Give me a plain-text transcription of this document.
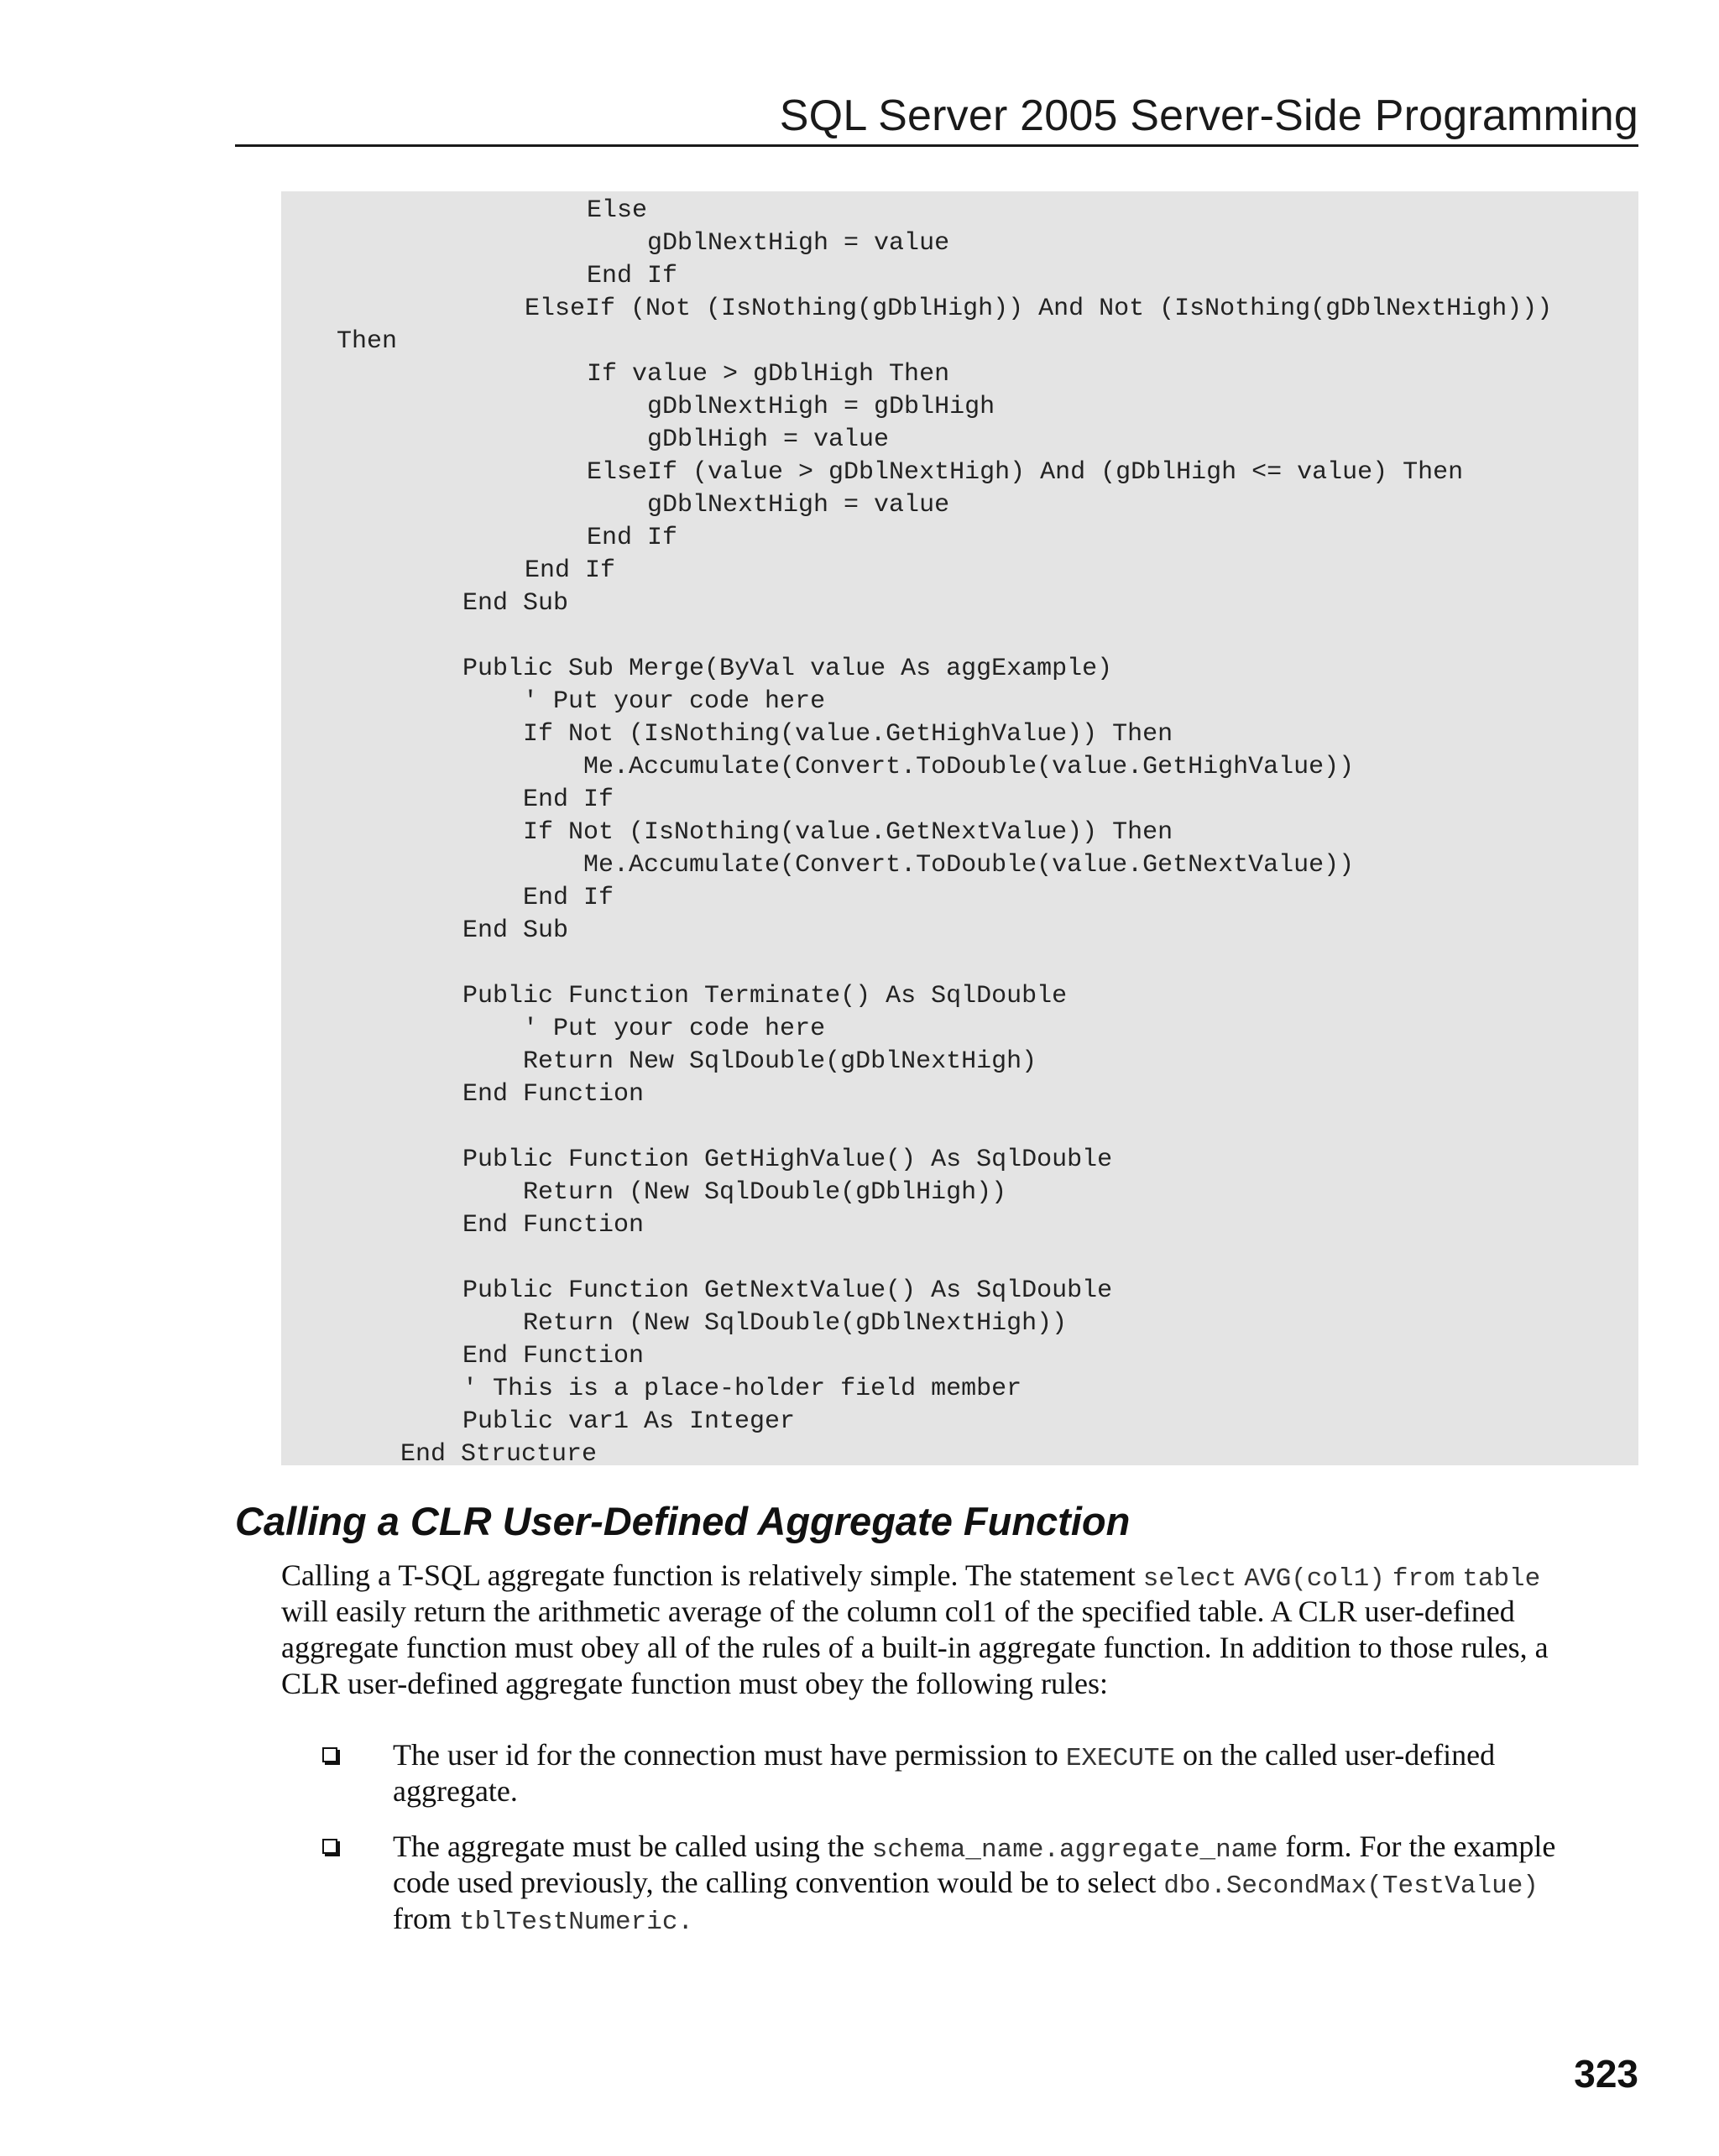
SQL Server 2005 Server-Side Programming
Else
gDblNextHigh = value
End If
ElseIf (Not (IsNothing(gDblHigh)) And Not (IsNothing(gDblNextHigh)))
Then
If value > gDblHigh Then
gDblNextHigh = gDblHigh
gDblHigh = value
ElseIf (value > gDblNextHigh) And (gDblHigh <= value) Then
gDblNextHigh = value
End If
End If
End Sub
Public Sub Merge(ByVal value As aggExample)
' Put your code here
If Not (IsNothing(value.GetHighValue)) Then
Me.Accumulate(Convert.ToDouble(value.GetHighValue))
End If
If Not (IsNothing(value.GetNextValue)) Then
Me.Accumulate(Convert.ToDouble(value.GetNextValue))
End If
End Sub
Public Function Terminate() As SqlDouble
' Put your code here
Return New SqlDouble(gDblNextHigh)
End Function
Public Function GetHighValue() As SqlDouble
Return (New SqlDouble(gDblHigh))
End Function
Public Function GetNextValue() As SqlDouble
Return (New SqlDouble(gDblNextHigh))
End Function
' This is a place-holder field member
Public var1 As Integer
End Structure
Calling a CLR User-Defined Aggregate Function
Calling a T-SQL aggregate function is relatively simple. The statement select AVG(col1) from table
will easily return the arithmetic average of the column col1 of the specified table. A CLR user-defined
aggregate function must obey all of the rules of a built-in aggregate function. In addition to those rules, a
CLR user-defined aggregate function must obey the following rules:
The user id for the connection must have permission to EXECUTE on the called user-defined
aggregate.
The aggregate must be called using the schema_name.aggregate_name form. For the example
code used previously, the calling convention would be to select dbo.SecondMax(TestValue)
from tblTestNumeric.
323
